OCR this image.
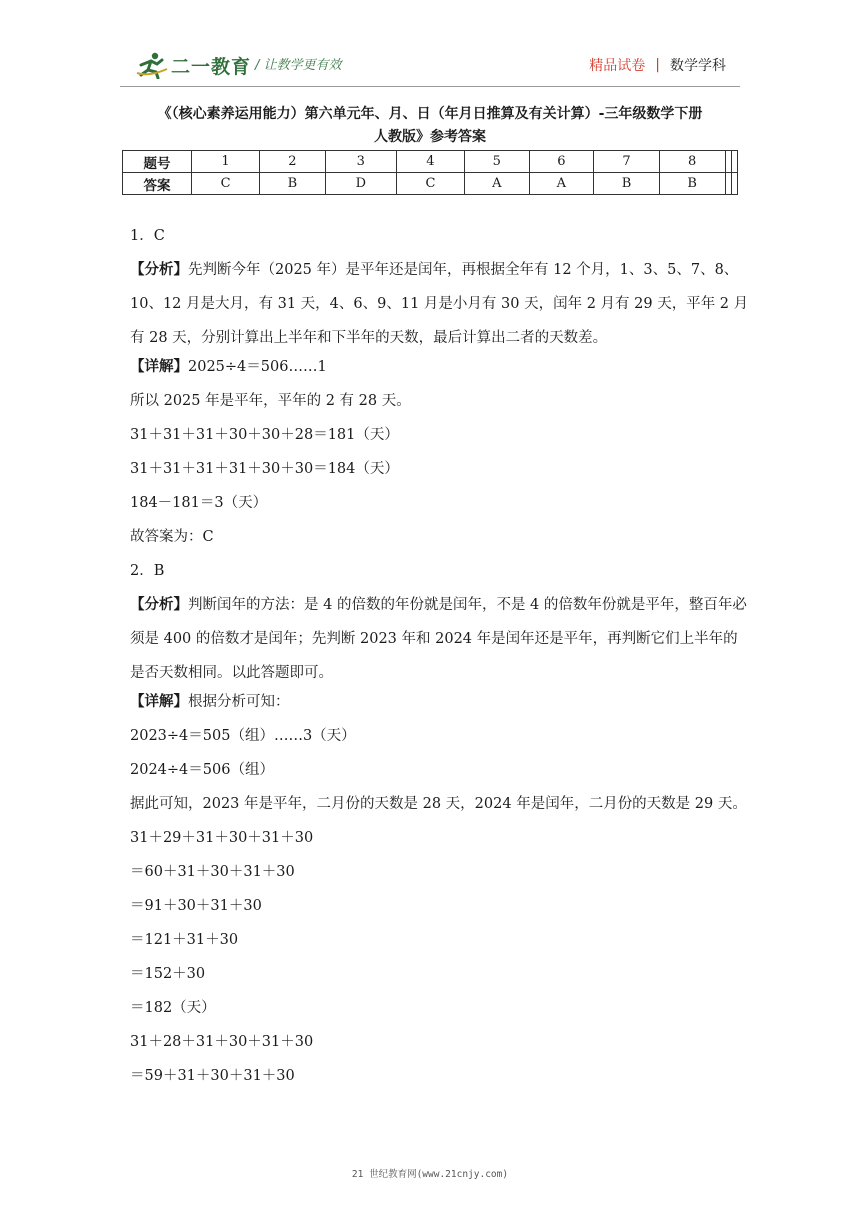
二一教育 / 让教学更有效	精品试卷 | 数学学科
《（核心素养运用能力）第六单元年、月、日（年月日推算及有关计算）-三年级数学下册
人教版》参考答案
题号	1	2	3	4	5	6	7	8		
答案	C	B	D	C	A	A	B	B		
1．C
【分析】先判断今年（2025 年）是平年还是闰年，再根据全年有 12 个月，1、3、5、7、8、10、12 月是大月，有 31 天，4、6、9、11 月是小月有 30 天，闰年 2 月有 29 天，平年 2 月有 28 天，分别计算出上半年和下半年的天数，最后计算出二者的天数差。
【详解】2025÷4＝506……1
所以 2025 年是平年，平年的 2 有 28 天。
31＋31＋31＋30＋30＋28＝181（天）
31＋31＋31＋31＋30＋30＝184（天）
184－181＝3（天）
故答案为：C
2．B
【分析】判断闰年的方法：是 4 的倍数的年份就是闰年，不是 4 的倍数年份就是平年，整百年必须是 400 的倍数才是闰年；先判断 2023 年和 2024 年是闰年还是平年，再判断它们上半年的是否天数相同。以此答题即可。
【详解】根据分析可知：
2023÷4＝505（组）……3（天）
2024÷4＝506（组）
据此可知，2023 年是平年，二月份的天数是 28 天，2024 年是闰年，二月份的天数是 29 天。
31＋29＋31＋30＋31＋30
＝60＋31＋30＋31＋30
＝91＋30＋31＋30
＝121＋31＋30
＝152＋30
＝182（天）
31＋28＋31＋30＋31＋30
＝59＋31＋30＋31＋30
21 世纪教育网(www.21cnjy.com)
